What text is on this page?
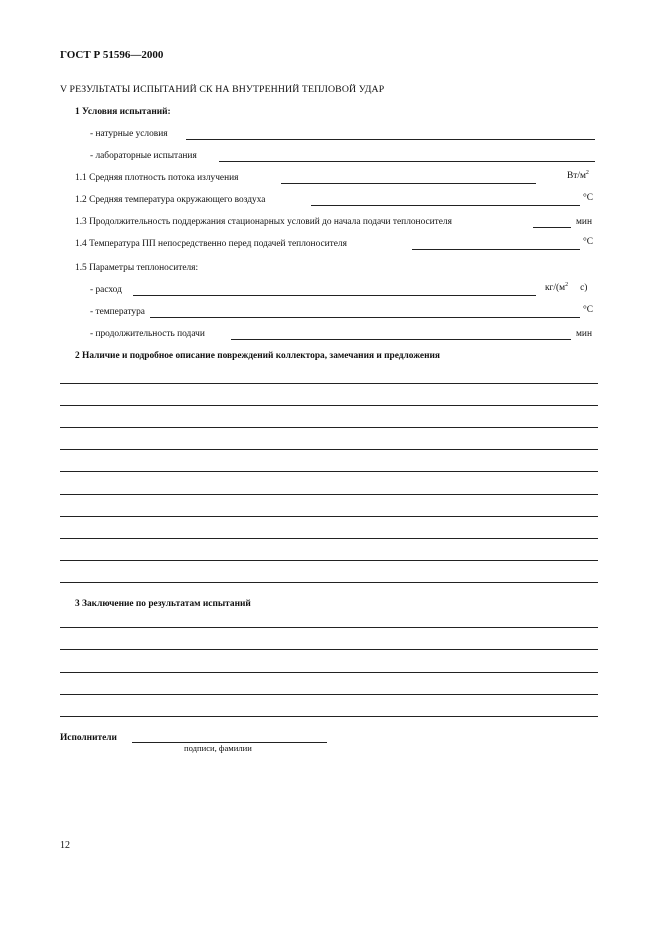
ГОСТ Р 51596—2000
V РЕЗУЛЬТАТЫ ИСПЫТАНИЙ СК НА ВНУТРЕННИЙ ТЕПЛОВОЙ УДАР
1 Условия испытаний:
- натурные условия
- лабораторные испытания
1.1 Средняя плотность потока излучения	$Вт/м^2$
1.2 Средняя температура окружающего воздуха	°С
1.3 Продолжительность поддержания стационарных условий до начала подачи теплоносителя	мин
1.4 Температура ПП непосредственно перед подачей теплоносителя	°С
1.5 Параметры теплоносителя:
- расход	$кг/(м^2$ с)
- температура	°С
- продолжительность подачи	мин
2 Наличие и подробное описание повреждений коллектора, замечания и предложения
3 Заключение по результатам испытаний
Исполнители
подписи, фамилии
12
